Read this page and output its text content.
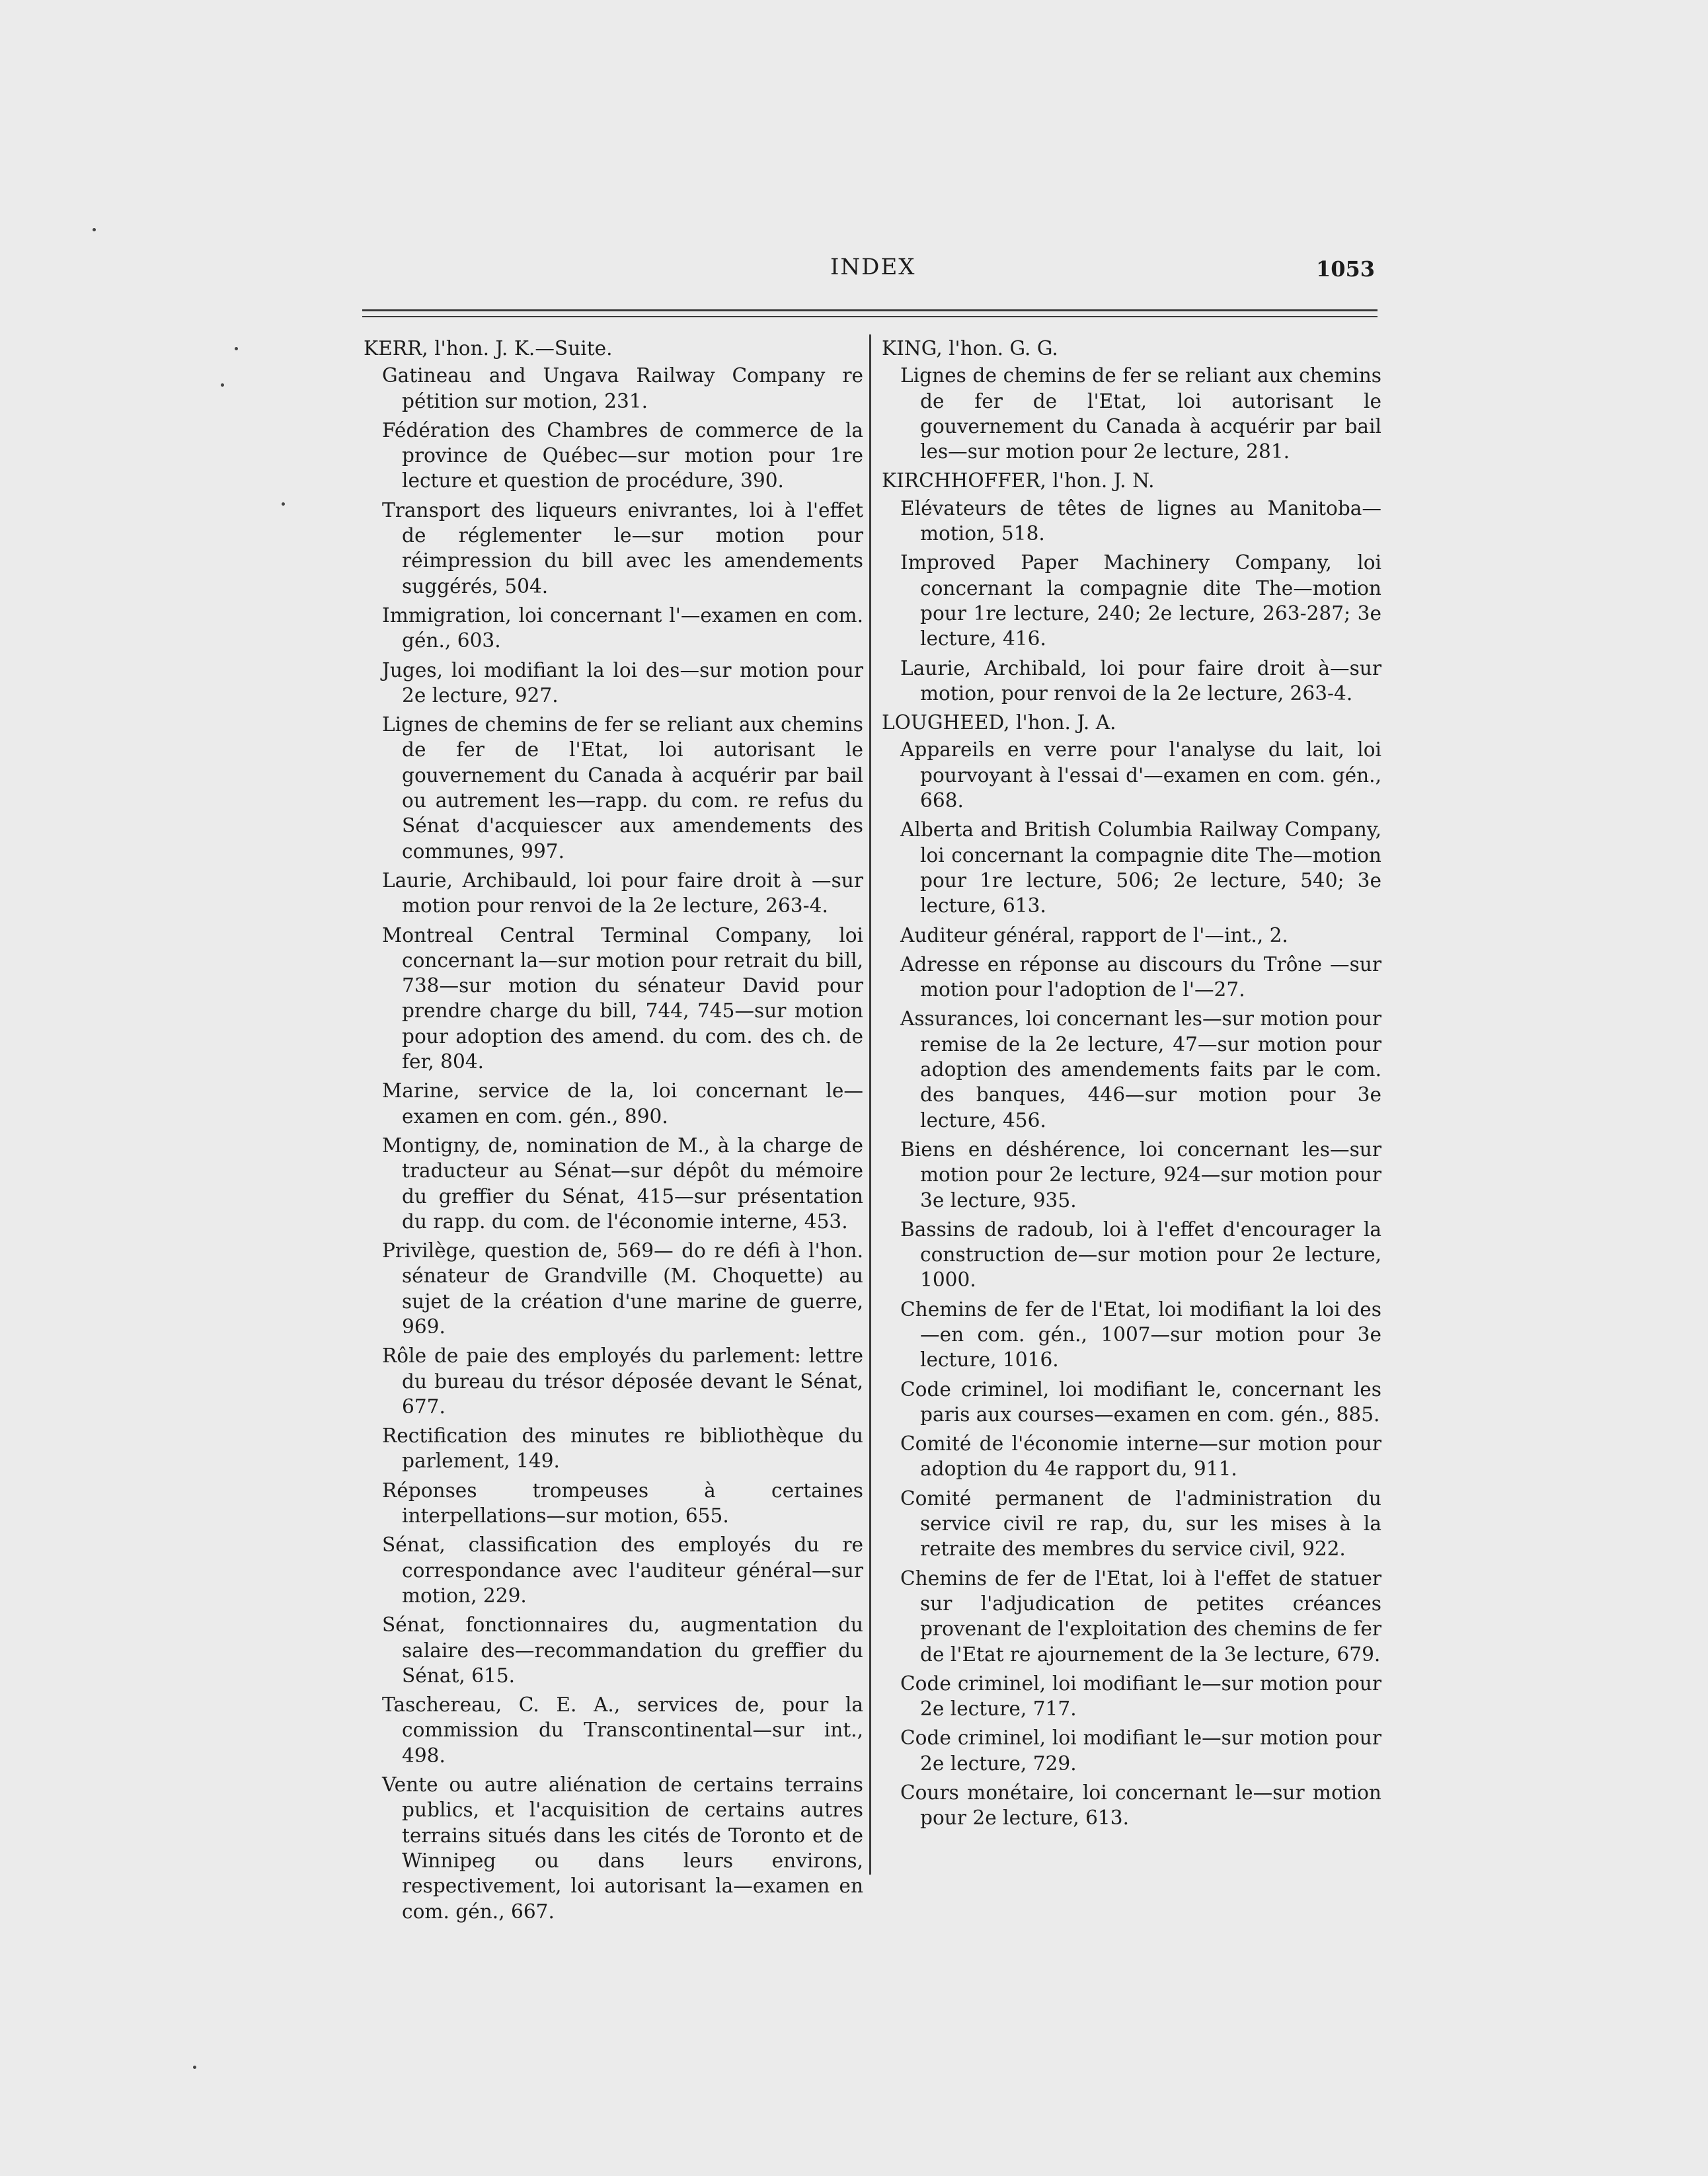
INDEX	1053
KERR, l'hon. J. K.—Suite.
Gatineau and Ungava Railway Company re pétition sur motion, 231.
Fédération des Chambres de commerce de la province de Québec—sur motion pour 1re lecture et question de procédure, 390.
Transport des liqueurs enivrantes, loi à l'effet de réglementer le—sur motion pour réimpression du bill avec les amendements suggérés, 504.
Immigration, loi concernant l'—examen en com. gén., 603.
Juges, loi modifiant la loi des—sur motion pour 2e lecture, 927.
Lignes de chemins de fer se reliant aux chemins de fer de l'Etat, loi autorisant le gouvernement du Canada à acquérir par bail ou autrement les—rapp. du com. re refus du Sénat d'acquiescer aux amendements des communes, 997.
Laurie, Archibauld, loi pour faire droit à —sur motion pour renvoi de la 2e lecture, 263-4.
Montreal Central Terminal Company, loi concernant la—sur motion pour retrait du bill, 738—sur motion du sénateur David pour prendre charge du bill, 744, 745—sur motion pour adoption des amend. du com. des ch. de fer, 804.
Marine, service de la, loi concernant le—examen en com. gén., 890.
Montigny, de, nomination de M., à la charge de traducteur au Sénat—sur dépôt du mémoire du greffier du Sénat, 415—sur présentation du rapp. du com. de l'économie interne, 453.
Privilège, question de, 569— do re défi à l'hon. sénateur de Grandville (M. Choquette) au sujet de la création d'une marine de guerre, 969.
Rôle de paie des employés du parlement: lettre du bureau du trésor déposée devant le Sénat, 677.
Rectification des minutes re bibliothèque du parlement, 149.
Réponses trompeuses à certaines interpellations—sur motion, 655.
Sénat, classification des employés du re correspondance avec l'auditeur général—sur motion, 229.
Sénat, fonctionnaires du, augmentation du salaire des—recommandation du greffier du Sénat, 615.
Taschereau, C. E. A., services de, pour la commission du Transcontinental—sur int., 498.
Vente ou autre aliénation de certains terrains publics, et l'acquisition de certains autres terrains situés dans les cités de Toronto et de Winnipeg ou dans leurs environs, respectivement, loi autorisant la—examen en com. gén., 667.
KING, l'hon. G. G.
Lignes de chemins de fer se reliant aux chemins de fer de l'Etat, loi autorisant le gouvernement du Canada à acquérir par bail les—sur motion pour 2e lecture, 281.
KIRCHHOFFER, l'hon. J. N.
Elévateurs de têtes de lignes au Manitoba—motion, 518.
Improved Paper Machinery Company, loi concernant la compagnie dite The—motion pour 1re lecture, 240; 2e lecture, 263-287; 3e lecture, 416.
Laurie, Archibald, loi pour faire droit à—sur motion, pour renvoi de la 2e lecture, 263-4.
LOUGHEED, l'hon. J. A.
Appareils en verre pour l'analyse du lait, loi pourvoyant à l'essai d'—examen en com. gén., 668.
Alberta and British Columbia Railway Company, loi concernant la compagnie dite The—motion pour 1re lecture, 506; 2e lecture, 540; 3e lecture, 613.
Auditeur général, rapport de l'—int., 2.
Adresse en réponse au discours du Trône —sur motion pour l'adoption de l'—27.
Assurances, loi concernant les—sur motion pour remise de la 2e lecture, 47—sur motion pour adoption des amendements faits par le com. des banques, 446—sur motion pour 3e lecture, 456.
Biens en déshérence, loi concernant les—sur motion pour 2e lecture, 924—sur motion pour 3e lecture, 935.
Bassins de radoub, loi à l'effet d'encourager la construction de—sur motion pour 2e lecture, 1000.
Chemins de fer de l'Etat, loi modifiant la loi des—en com. gén., 1007—sur motion pour 3e lecture, 1016.
Code criminel, loi modifiant le, concernant les paris aux courses—examen en com. gén., 885.
Comité de l'économie interne—sur motion pour adoption du 4e rapport du, 911.
Comité permanent de l'administration du service civil re rap, du, sur les mises à la retraite des membres du service civil, 922.
Chemins de fer de l'Etat, loi à l'effet de statuer sur l'adjudication de petites créances provenant de l'exploitation des chemins de fer de l'Etat re ajournement de la 3e lecture, 679.
Code criminel, loi modifiant le—sur motion pour 2e lecture, 717.
Code criminel, loi modifiant le—sur motion pour 2e lecture, 729.
Cours monétaire, loi concernant le—sur motion pour 2e lecture, 613.
